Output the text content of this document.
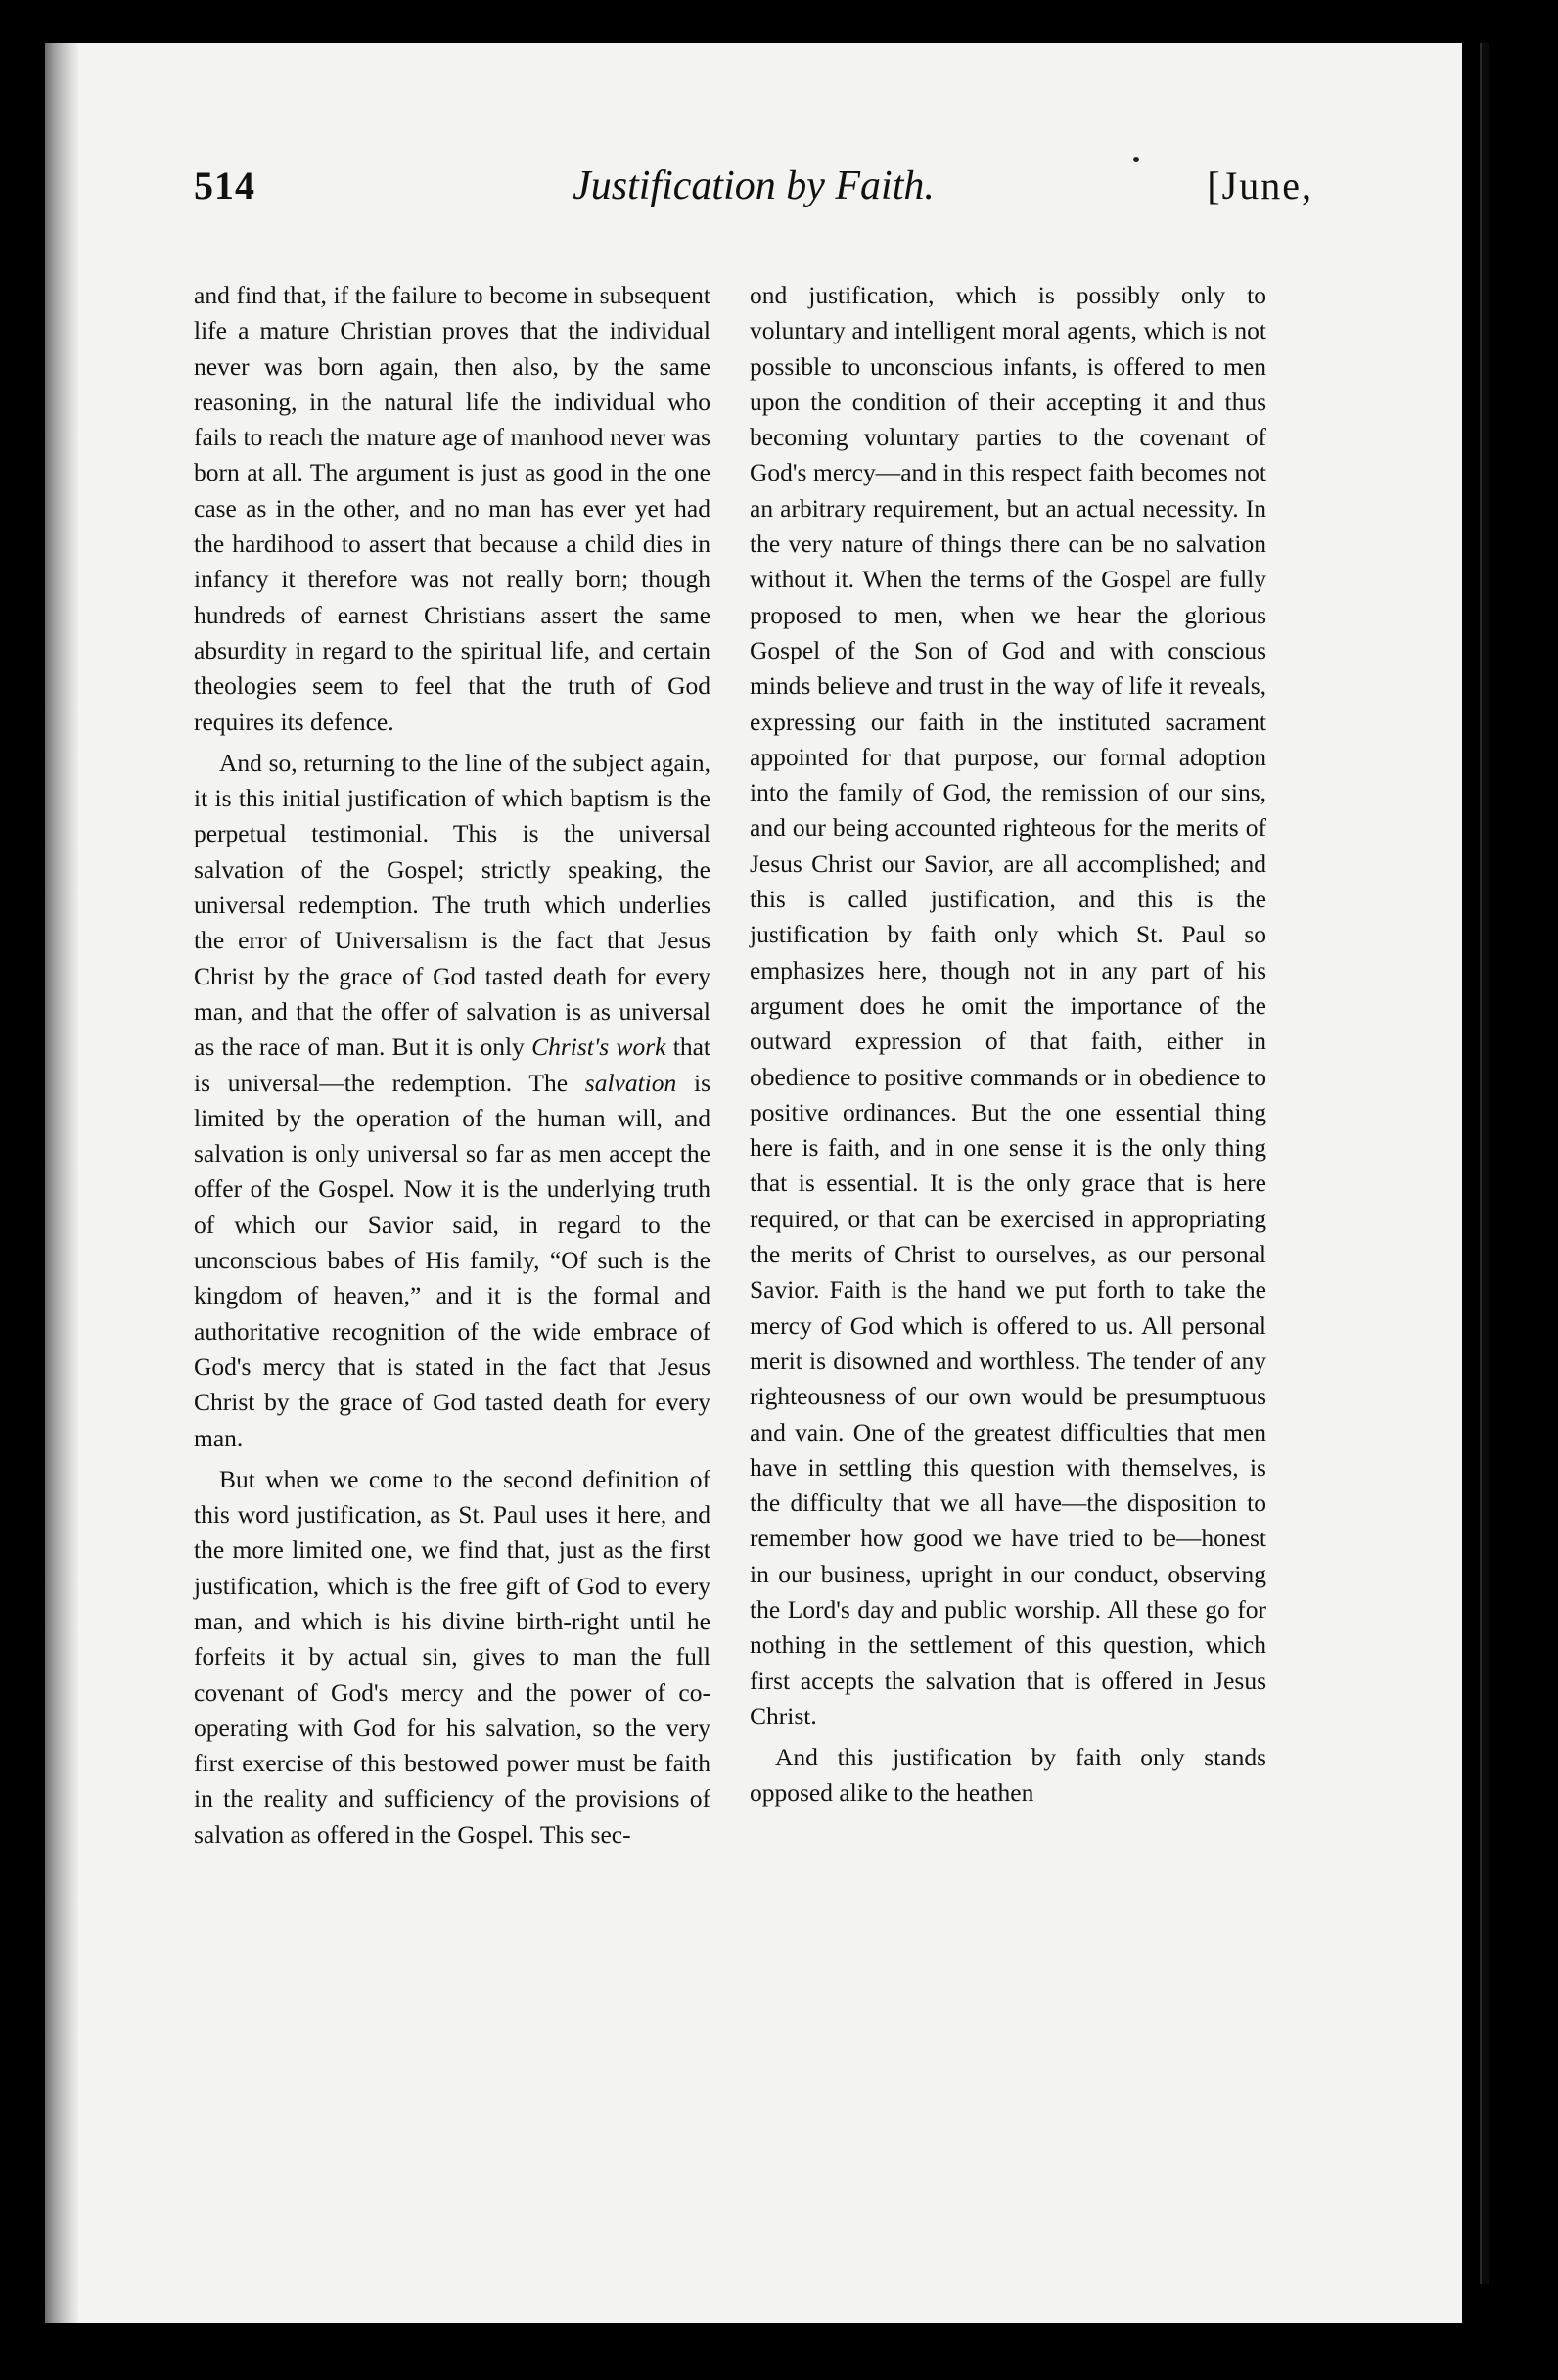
514	Justification by Faith.	[June,

and find that, if the failure to become in subsequent life a mature Christian proves that the individual never was born again, then also, by the same reasoning, in the natural life the individual who fails to reach the mature age of manhood never was born at all. The argument is just as good in the one case as in the other, and no man has ever yet had the hardihood to assert that because a child dies in infancy it therefore was not really born; though hundreds of earnest Christians assert the same absurdity in regard to the spiritual life, and certain theologies seem to feel that the truth of God requires its defence.

And so, returning to the line of the subject again, it is this initial justification of which baptism is the perpetual testimonial. This is the universal salvation of the Gospel; strictly speaking, the universal redemption. The truth which underlies the error of Universalism is the fact that Jesus Christ by the grace of God tasted death for every man, and that the offer of salvation is as universal as the race of man. But it is only Christ's work that is universal—the redemption. The salvation is limited by the operation of the human will, and salvation is only universal so far as men accept the offer of the Gospel. Now it is the underlying truth of which our Savior said, in regard to the unconscious babes of His family, “Of such is the kingdom of heaven,” and it is the formal and authoritative recognition of the wide embrace of God's mercy that is stated in the fact that Jesus Christ by the grace of God tasted death for every man.

But when we come to the second definition of this word justification, as St. Paul uses it here, and the more limited one, we find that, just as the first justification, which is the free gift of God to every man, and which is his divine birth-right until he forfeits it by actual sin, gives to man the full covenant of God's mercy and the power of co-operating with God for his salvation, so the very first exercise of this bestowed power must be faith in the reality and sufficiency of the provisions of salvation as offered in the Gospel. This sec-

ond justification, which is possibly only to voluntary and intelligent moral agents, which is not possible to unconscious infants, is offered to men upon the condition of their accepting it and thus becoming voluntary parties to the covenant of God's mercy—and in this respect faith becomes not an arbitrary requirement, but an actual necessity. In the very nature of things there can be no salvation without it. When the terms of the Gospel are fully proposed to men, when we hear the glorious Gospel of the Son of God and with conscious minds believe and trust in the way of life it reveals, expressing our faith in the instituted sacrament appointed for that purpose, our formal adoption into the family of God, the remission of our sins, and our being accounted righteous for the merits of Jesus Christ our Savior, are all accomplished; and this is called justification, and this is the justification by faith only which St. Paul so emphasizes here, though not in any part of his argument does he omit the importance of the outward expression of that faith, either in obedience to positive commands or in obedience to positive ordinances. But the one essential thing here is faith, and in one sense it is the only thing that is essential. It is the only grace that is here required, or that can be exercised in appropriating the merits of Christ to ourselves, as our personal Savior. Faith is the hand we put forth to take the mercy of God which is offered to us. All personal merit is disowned and worthless. The tender of any righteousness of our own would be presumptuous and vain. One of the greatest difficulties that men have in settling this question with themselves, is the difficulty that we all have—the disposition to remember how good we have tried to be—honest in our business, upright in our conduct, observing the Lord's day and public worship. All these go for nothing in the settlement of this question, which first accepts the salvation that is offered in Jesus Christ.

And this justification by faith only stands opposed alike to the heathen
